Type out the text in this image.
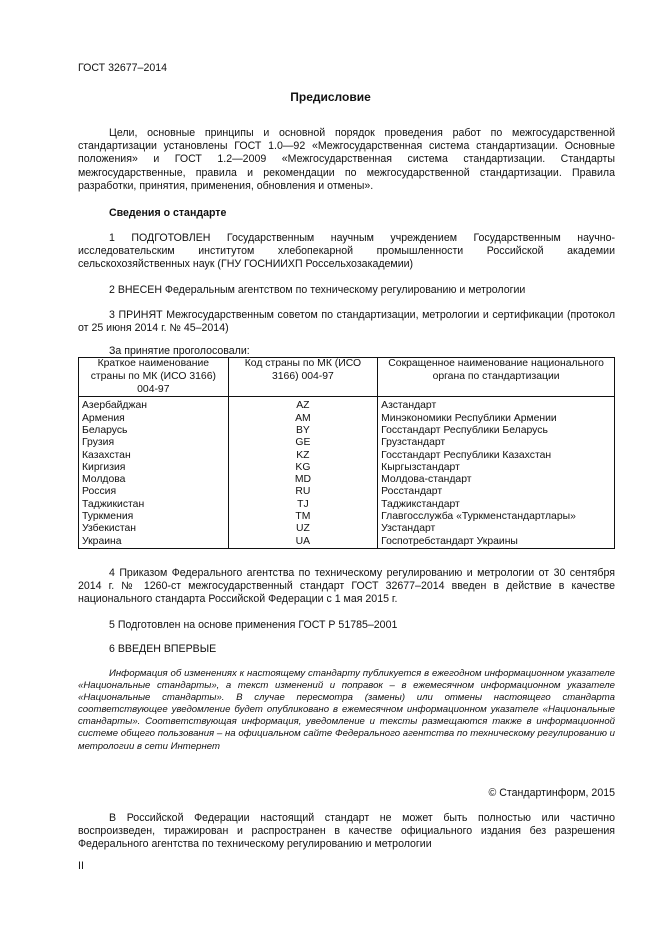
ГОСТ 32677–2014
Предисловие

Цели, основные принципы и основной порядок проведения работ по межгосударственной стандартизации установлены ГОСТ 1.0—92 «Межгосударственная система стандартизации. Основные положения» и ГОСТ 1.2—2009 «Межгосударственная система стандартизации. Стандарты межгосударственные, правила и рекомендации по межгосударственной стандартизации. Правила разработки, принятия, применения, обновления и отмены».

Сведения о стандарте

1 ПОДГОТОВЛЕН Государственным научным учреждением Государственным научно-исследовательским институтом хлебопекарной промышленности Российской академии сельскохозяйственных наук (ГНУ ГОСНИИХП Россельхозакадемии)

2 ВНЕСЕН Федеральным агентством по техническому регулированию и метрологии

3 ПРИНЯТ Межгосударственным советом по стандартизации, метрологии и сертификации (протокол от 25 июня 2014 г. № 45–2014)

За принятие проголосовали:

Краткое наименование страны по МК (ИСО 3166) 004-97	Код страны по МК (ИСО 3166) 004-97	Сокращенное наименование национального органа по стандартизации
Азербайджан	AZ	Азстандарт
Армения	AM	Минэкономики Республики Армении
Беларусь	BY	Госстандарт Республики Беларусь
Грузия	GE	Грузстандарт
Казахстан	KZ	Госстандарт Республики Казахстан
Киргизия	KG	Кыргызстандарт
Молдова	MD	Молдова-стандарт
Россия	RU	Росстандарт
Таджикистан	TJ	Таджикстандарт
Туркмения	TM	Главгосслужба «Туркменстандартлары»
Узбекистан	UZ	Узстандарт
Украина	UA	Госпотребстандарт Украины

4 Приказом Федерального агентства по техническому регулированию и метрологии от 30 сентября 2014 г. № 1260-ст межгосударственный стандарт ГОСТ 32677–2014 введен в действие в качестве национального стандарта Российской Федерации с 1 мая 2015 г.

5 Подготовлен на основе применения ГОСТ Р 51785–2001

6 ВВЕДЕН ВПЕРВЫЕ

Информация об изменениях к настоящему стандарту публикуется в ежегодном информационном указателе «Национальные стандарты», а текст изменений и поправок – в ежемесячном информационном указателе «Национальные стандарты». В случае пересмотра (замены) или отмены настоящего стандарта соответствующее уведомление будет опубликовано в ежемесячном информационном указателе «Национальные стандарты». Соответствующая информация, уведомление и тексты размещаются также в информационной системе общего пользования – на официальном сайте Федерального агентства по техническому регулированию и метрологии в сети Интернет

© Стандартинформ, 2015

В Российской Федерации настоящий стандарт не может быть полностью или частично воспроизведен, тиражирован и распространен в качестве официального издания без разрешения Федерального агентства по техническому регулированию и метрологии

II
